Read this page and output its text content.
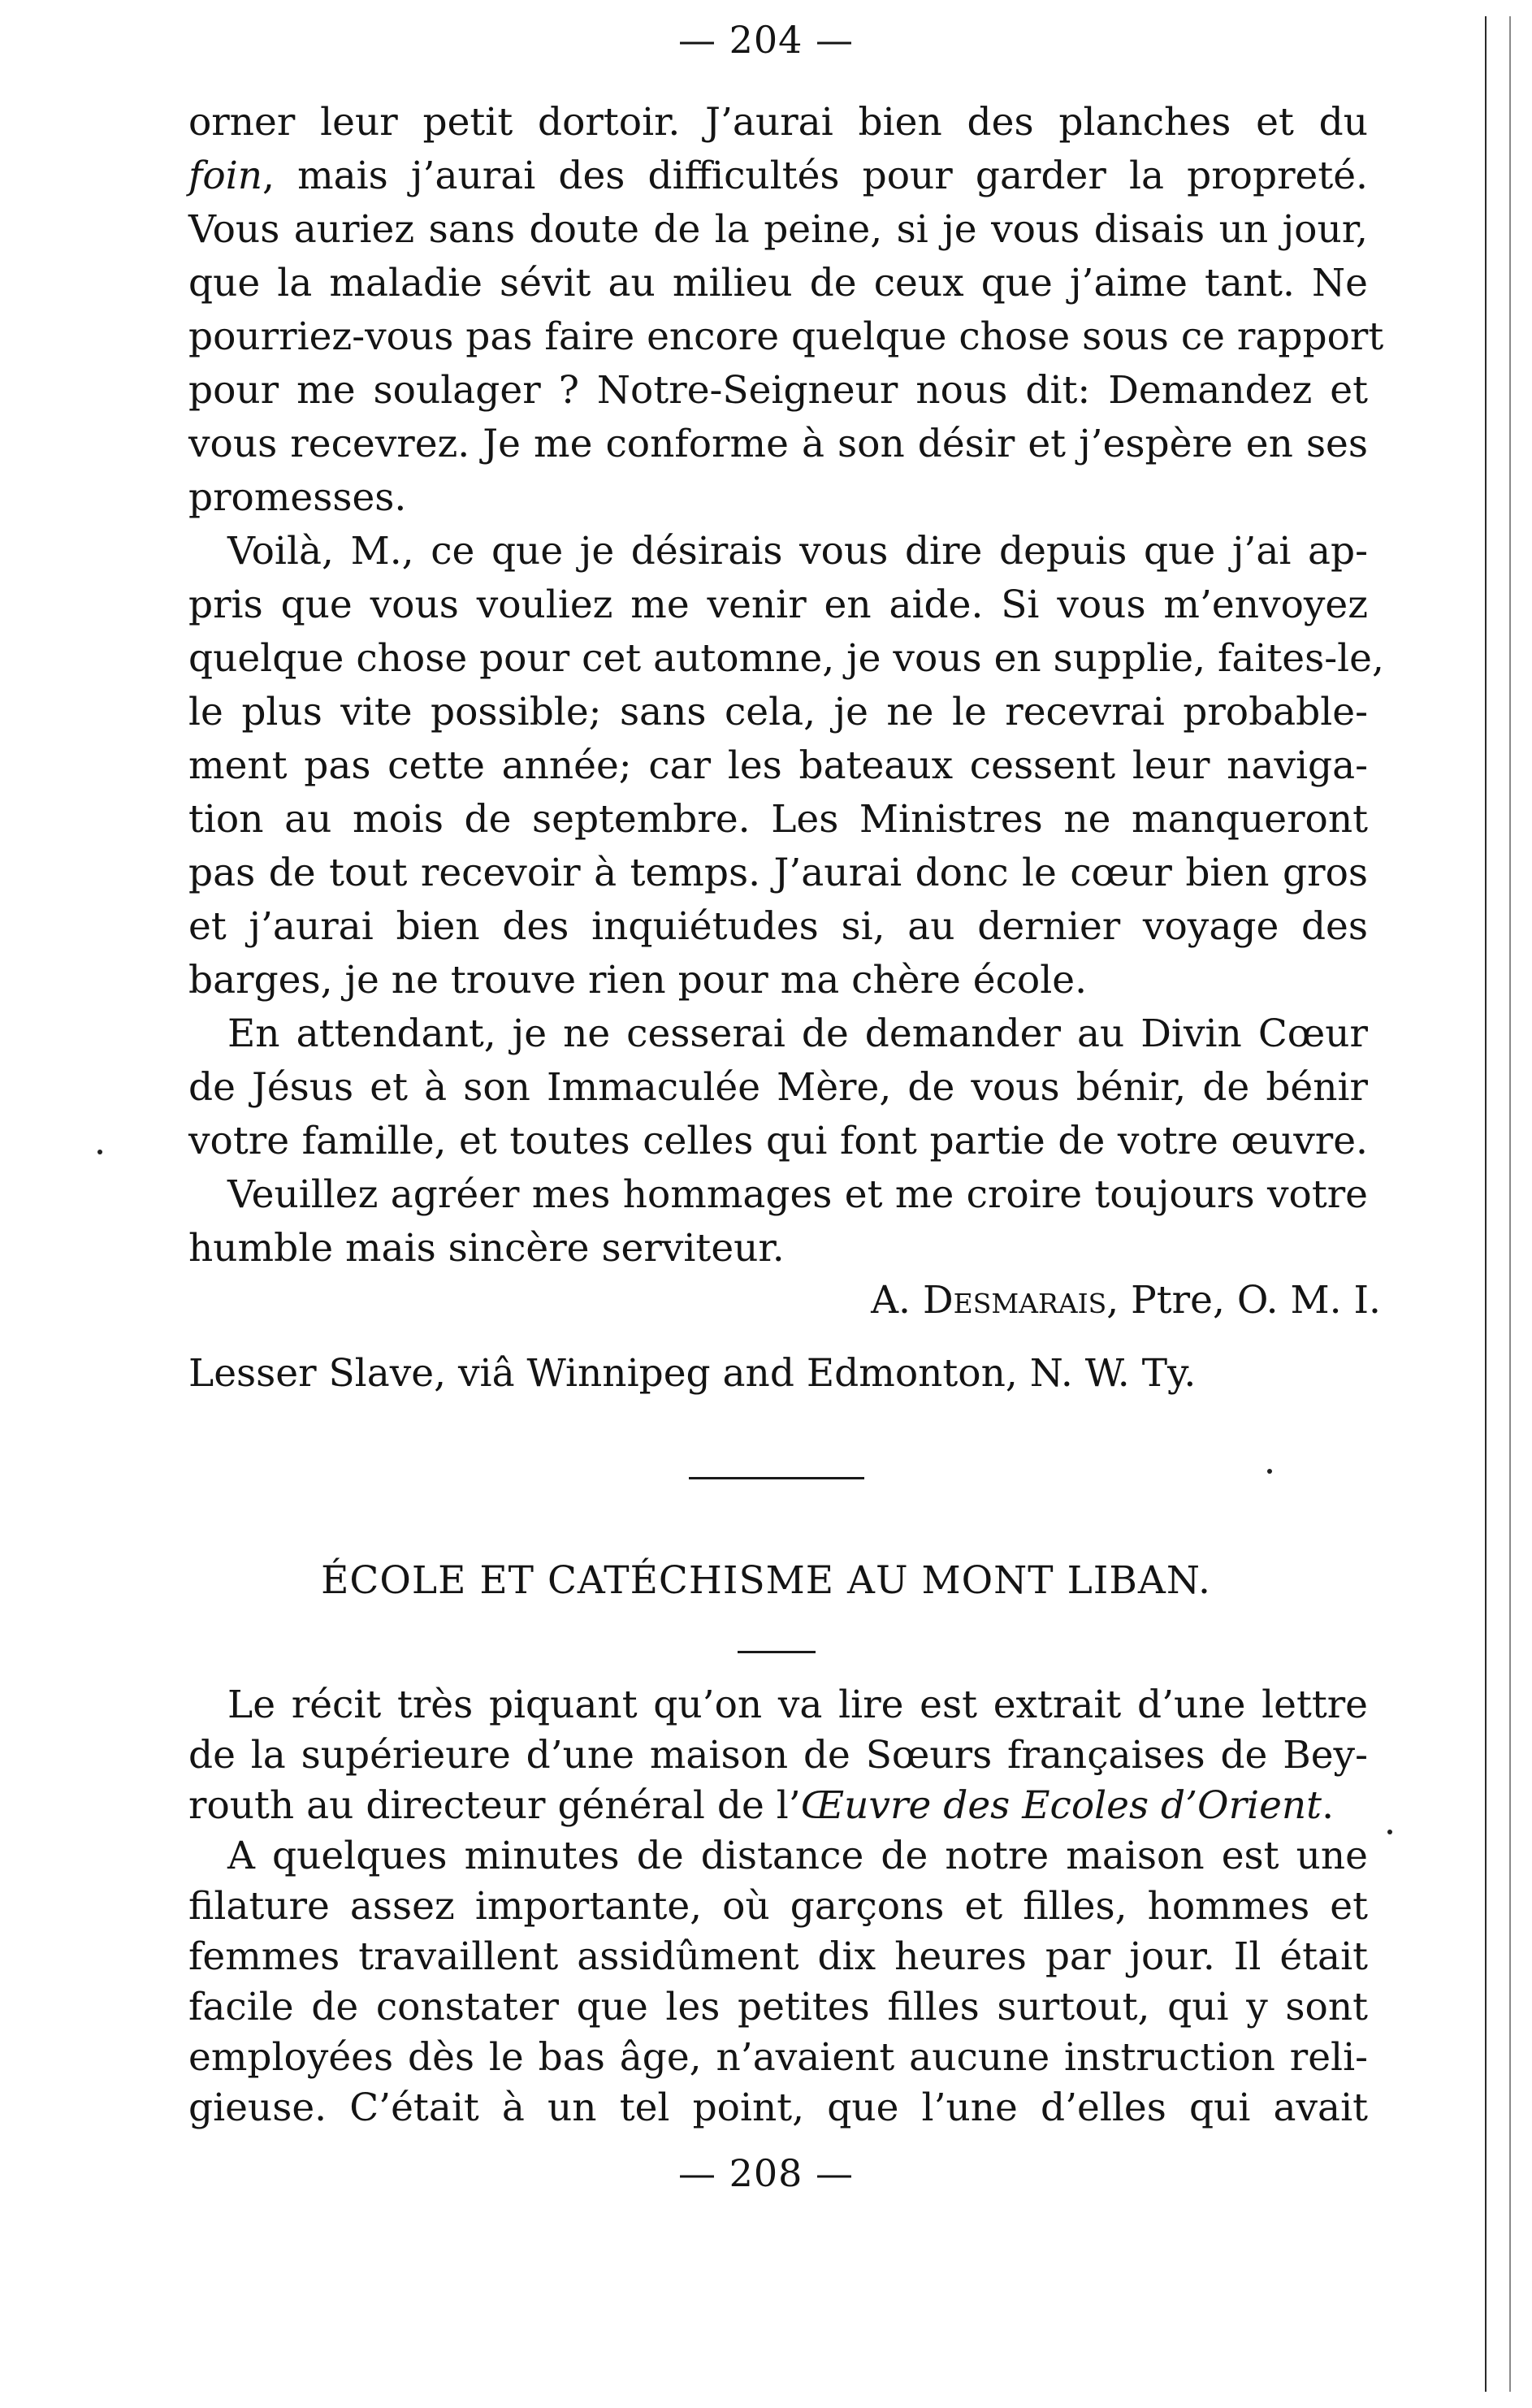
— 204 —
orner leur petit dortoir. J’aurai bien des planches et du
foin, mais j’aurai des difficultés pour garder la propreté.
Vous auriez sans doute de la peine, si je vous disais un jour,
que la maladie sévit au milieu de ceux que j’aime tant. Ne
pourriez-vous pas faire encore quelque chose sous ce rapport
pour me soulager ? Notre-Seigneur nous dit: Demandez et
vous recevrez. Je me conforme à son désir et j’espère en ses
promesses.
Voilà, M., ce que je désirais vous dire depuis que j’ai ap-
pris que vous vouliez me venir en aide. Si vous m’envoyez
quelque chose pour cet automne, je vous en supplie, faites-le,
le plus vite possible; sans cela, je ne le recevrai probable-
ment pas cette année; car les bateaux cessent leur naviga-
tion au mois de septembre. Les Ministres ne manqueront
pas de tout recevoir à temps. J’aurai donc le cœur bien gros
et j’aurai bien des inquiétudes si, au dernier voyage des
barges, je ne trouve rien pour ma chère école.
En attendant, je ne cesserai de demander au Divin Cœur
de Jésus et à son Immaculée Mère, de vous bénir, de bénir
votre famille, et toutes celles qui font partie de votre œuvre.
Veuillez agréer mes hommages et me croire toujours votre
humble mais sincère serviteur.
A. Desmarais, Ptre, O. M. I.
Lesser Slave, viâ Winnipeg and Edmonton, N. W. Ty.
ÉCOLE ET CATÉCHISME AU MONT LIBAN.
Le récit très piquant qu’on va lire est extrait d’une lettre
de la supérieure d’une maison de Sœurs françaises de Bey-
routh au directeur général de l’Œuvre des Ecoles d’Orient.
A quelques minutes de distance de notre maison est une
filature assez importante, où garçons et filles, hommes et
femmes travaillent assidûment dix heures par jour. Il était
facile de constater que les petites filles surtout, qui y sont
employées dès le bas âge, n’avaient aucune instruction reli-
gieuse. C’était à un tel point, que l’une d’elles qui avait
— 208 —
